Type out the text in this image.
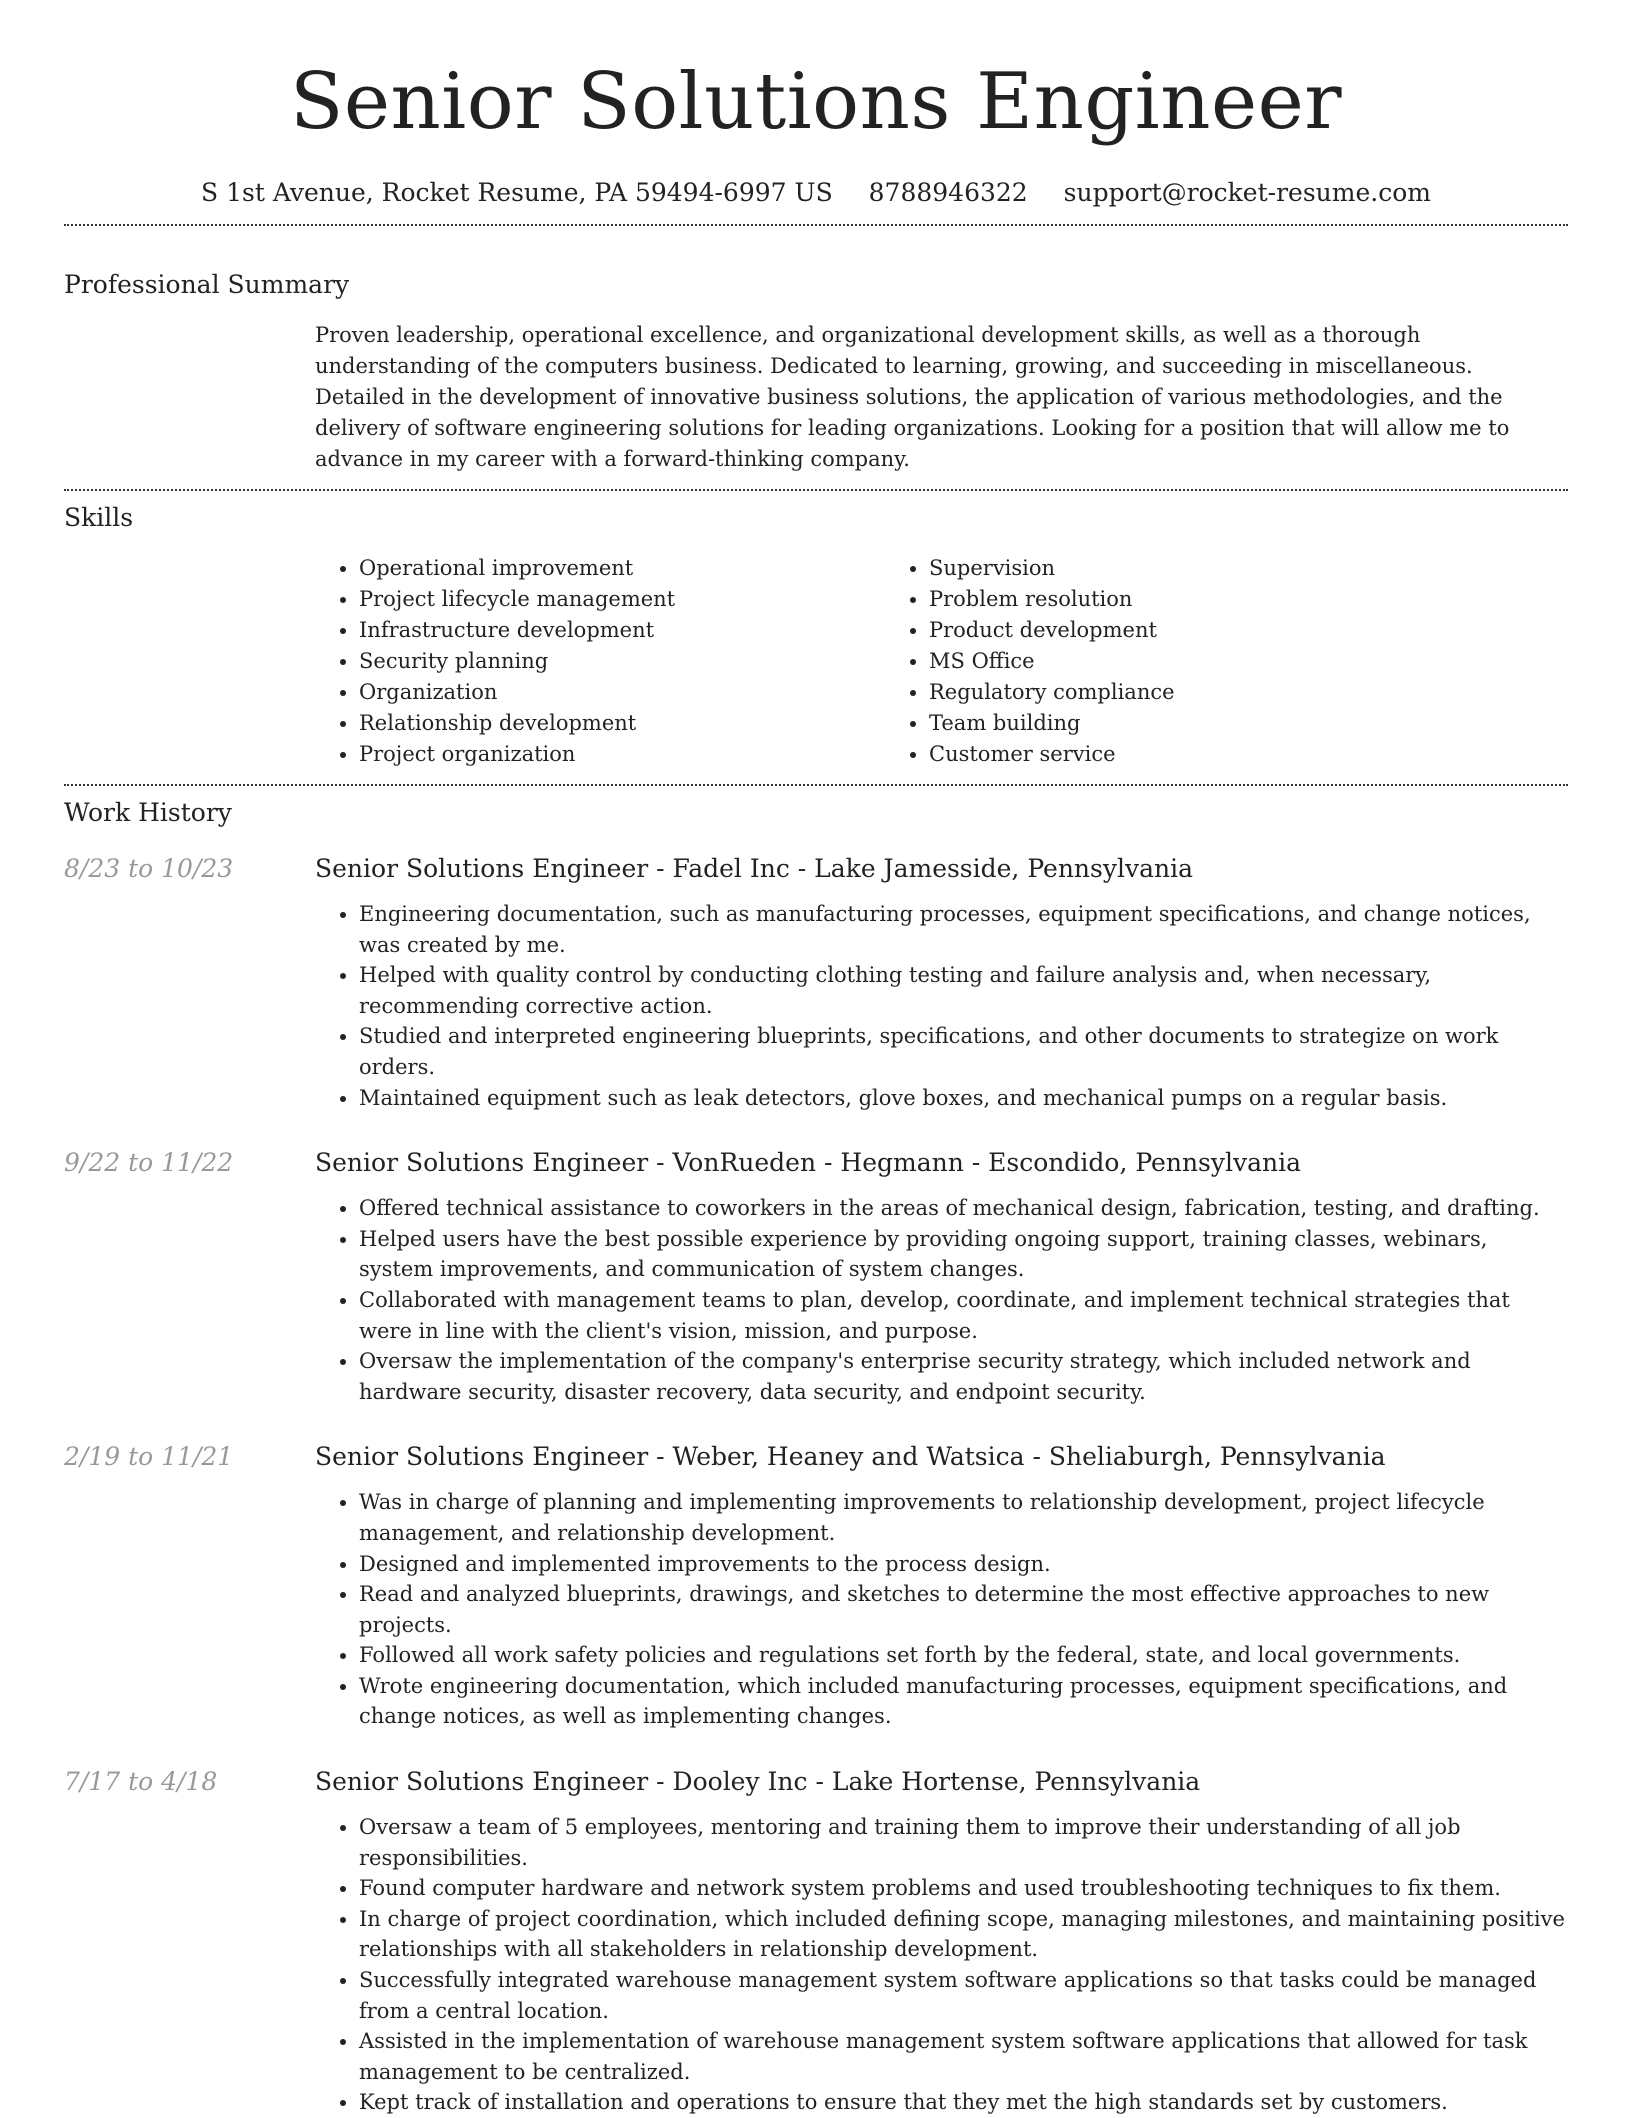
Senior Solutions Engineer
S 1st Avenue, Rocket Resume, PA 59494-6997 US 8788946322 support@rocket-resume.com
Professional Summary
Proven leadership, operational excellence, and organizational development skills, as well as a thorough understanding of the computers business. Dedicated to learning, growing, and succeeding in miscellaneous. Detailed in the development of innovative business solutions, the application of various methodologies, and the delivery of software engineering solutions for leading organizations. Looking for a position that will allow me to advance in my career with a forward-thinking company.
Skills
• Operational improvement
• Project lifecycle management
• Infrastructure development
• Security planning
• Organization
• Relationship development
• Project organization
• Supervision
• Problem resolution
• Product development
• MS Office
• Regulatory compliance
• Team building
• Customer service
Work History
8/23 to 10/23	Senior Solutions Engineer - Fadel Inc - Lake Jamesside, Pennsylvania
• Engineering documentation, such as manufacturing processes, equipment specifications, and change notices, was created by me.
• Helped with quality control by conducting clothing testing and failure analysis and, when necessary, recommending corrective action.
• Studied and interpreted engineering blueprints, specifications, and other documents to strategize on work orders.
• Maintained equipment such as leak detectors, glove boxes, and mechanical pumps on a regular basis.
9/22 to 11/22	Senior Solutions Engineer - VonRueden - Hegmann - Escondido, Pennsylvania
• Offered technical assistance to coworkers in the areas of mechanical design, fabrication, testing, and drafting.
• Helped users have the best possible experience by providing ongoing support, training classes, webinars, system improvements, and communication of system changes.
• Collaborated with management teams to plan, develop, coordinate, and implement technical strategies that were in line with the client's vision, mission, and purpose.
• Oversaw the implementation of the company's enterprise security strategy, which included network and hardware security, disaster recovery, data security, and endpoint security.
2/19 to 11/21	Senior Solutions Engineer - Weber, Heaney and Watsica - Sheliaburgh, Pennsylvania
• Was in charge of planning and implementing improvements to relationship development, project lifecycle management, and relationship development.
• Designed and implemented improvements to the process design.
• Read and analyzed blueprints, drawings, and sketches to determine the most effective approaches to new projects.
• Followed all work safety policies and regulations set forth by the federal, state, and local governments.
• Wrote engineering documentation, which included manufacturing processes, equipment specifications, and change notices, as well as implementing changes.
7/17 to 4/18	Senior Solutions Engineer - Dooley Inc - Lake Hortense, Pennsylvania
• Oversaw a team of 5 employees, mentoring and training them to improve their understanding of all job responsibilities.
• Found computer hardware and network system problems and used troubleshooting techniques to fix them.
• In charge of project coordination, which included defining scope, managing milestones, and maintaining positive relationships with all stakeholders in relationship development.
• Successfully integrated warehouse management system software applications so that tasks could be managed from a central location.
• Assisted in the implementation of warehouse management system software applications that allowed for task management to be centralized.
• Kept track of installation and operations to ensure that they met the high standards set by customers.
